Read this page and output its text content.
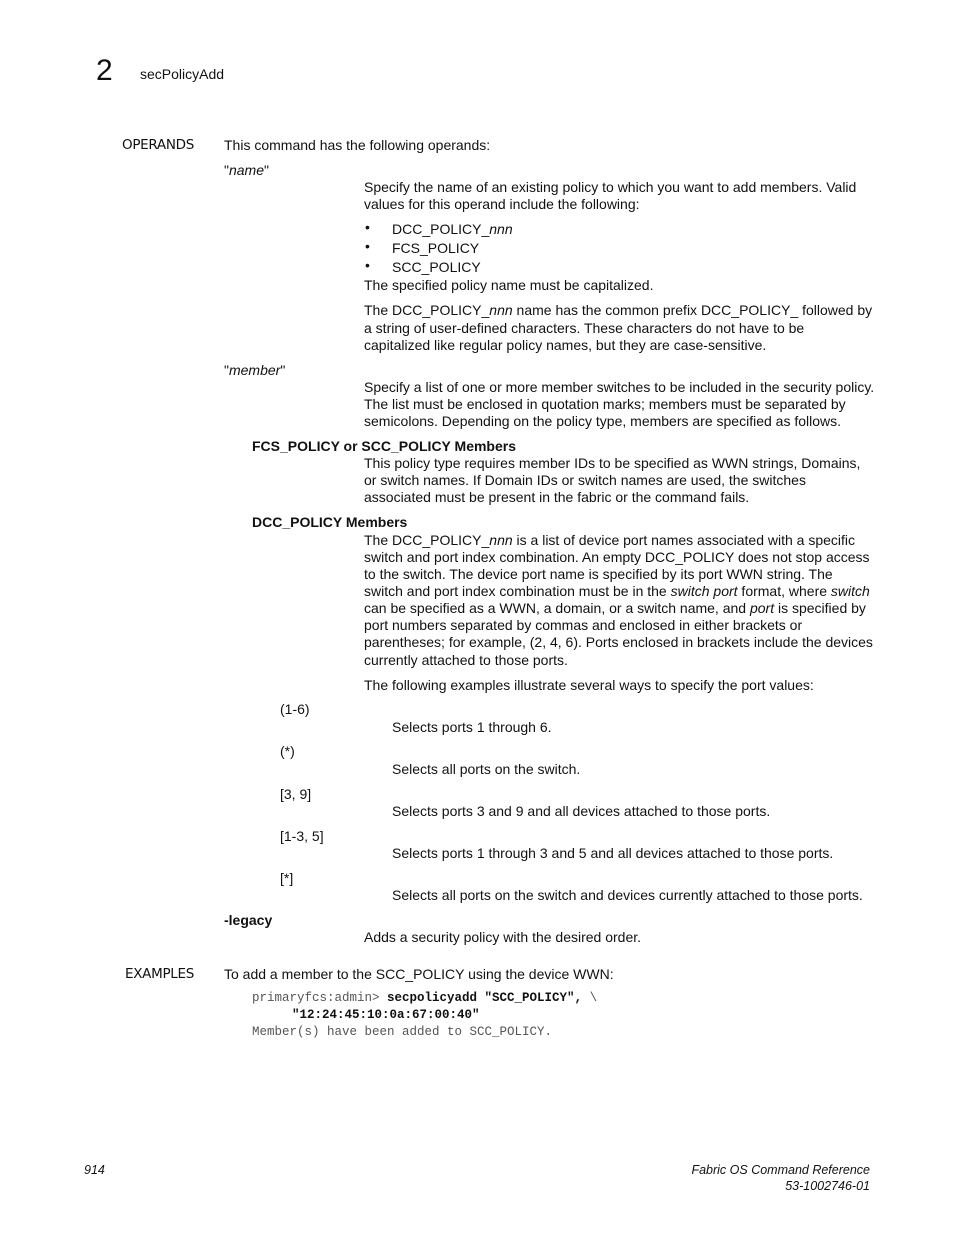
2 secPolicyAdd
OPERANDS This command has the following operands:
"name"
Specify the name of an existing policy to which you want to add members. Valid
values for this operand include the following:
• DCC_POLICY_nnn
• FCS_POLICY
• SCC_POLICY
The specified policy name must be capitalized.
The DCC_POLICY_nnn name has the common prefix DCC_POLICY_ followed by
a string of user-defined characters. These characters do not have to be
capitalized like regular policy names, but they are case-sensitive.
"member"
Specify a list of one or more member switches to be included in the security policy.
The list must be enclosed in quotation marks; members must be separated by
semicolons. Depending on the policy type, members are specified as follows.
FCS_POLICY or SCC_POLICY Members
This policy type requires member IDs to be specified as WWN strings, Domains,
or switch names. If Domain IDs or switch names are used, the switches
associated must be present in the fabric or the command fails.
DCC_POLICY Members
The DCC_POLICY_nnn is a list of device port names associated with a specific
switch and port index combination. An empty DCC_POLICY does not stop access
to the switch. The device port name is specified by its port WWN string. The
switch and port index combination must be in the switch port format, where switch
can be specified as a WWN, a domain, or a switch name, and port is specified by
port numbers separated by commas and enclosed in either brackets or
parentheses; for example, (2, 4, 6). Ports enclosed in brackets include the devices
currently attached to those ports.
The following examples illustrate several ways to specify the port values:
(1-6)
Selects ports 1 through 6.
(*)
Selects all ports on the switch.
[3, 9]
Selects ports 3 and 9 and all devices attached to those ports.
[1-3, 5]
Selects ports 1 through 3 and 5 and all devices attached to those ports.
[*]
Selects all ports on the switch and devices currently attached to those ports.
-legacy
Adds a security policy with the desired order.
EXAMPLES To add a member to the SCC_POLICY using the device WWN:
primaryfcs:admin> secpolicyadd "SCC_POLICY", \
"12:24:45:10:0a:67:00:40"
Member(s) have been added to SCC_POLICY.
914	Fabric OS Command Reference
53-1002746-01
